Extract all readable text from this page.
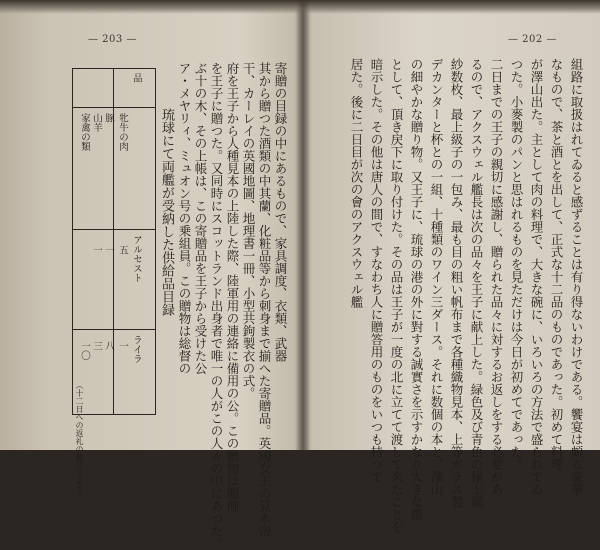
— 203 —
品
アルセスト
ライラ
牝牛の肉
豚
山羊
家禽の類
五
一
一
一
八
三
一〇
（十二日への返礼の数は含まず）
琉球にて両艦が受納した供給品目録	寄贈の目録の中にあるもので、家具調度、衣類、武器
其から贈つた酒類の中其蘭、化粧品等から刺身まで揃へた寄贈品。英國女王の見本帝
干、カーレイの英國地圖、地理書一冊、小型共鉤製衣の式。
府を王子から人種見本の上陸した際、陸軍用の連絡に備用の公。この贈物は服飾
を王子に贈つた。又同時にスコットランド出身者で唯一の人がこの人々の中にあつた。
ぶ十の木、その上帳は、この寄贈品を王子から受けた公
ア・メヤリィ、ミュオン号の乗組員。この贈物は総督の
— 202 —
組路に取扱はれてゐると感ずることは有り得ないわけである。饗宴は頗る豪華
なもので、茶と酒とを出して、正式な十二品のものであった。初めて料理
が澤山出た。主として肉の料理で、大きな碗に、いろいろの方法で盛られてゐ
つた。小麥製のパンと思はれるものを見ただけは今日が初めてであった。
二日までの王子の親切に感謝し、贈られた品々に対するお返しをする必要があ
るので、アクスウェル艦長は次の品々を王子に献上した。緑色及び青色の極上羅
紗数枚、最上級子の一包み、最も目の粗い帆布まで各種織物見本、上等ガラス製
デカンターと杯との一組、十種類のワイン三ダース。それに数個の本と、澤山
の細やかな贈り物。又王子に、琉球の港の外に對する誠實さを示すかなり大きな標
として、頂き戻下に取り付けた。その品は王子が一度の北に立てて渡して来たことを
暗示した。その他は唐人の間で、すなわち人に贈答用のものをいつも持つて
居た。後に二日目が次の會のアクスウェル艦
